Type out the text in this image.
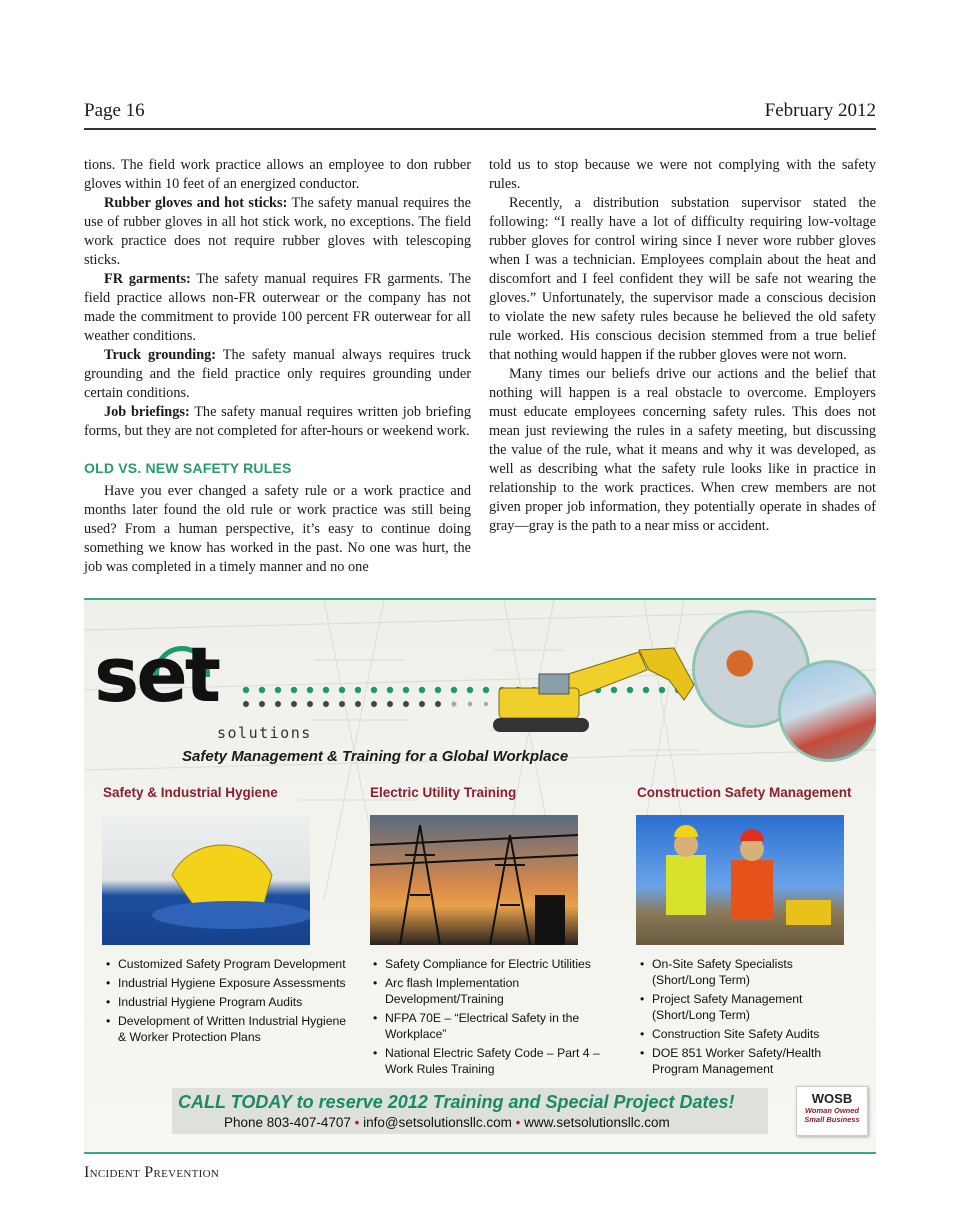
Page 16	February 2012

tions. The field work practice allows an employee to don rubber gloves within 10 feet of an energized conductor.

Rubber gloves and hot sticks: The safety manual requires the use of rubber gloves in all hot stick work, no exceptions. The field work practice does not require rubber gloves with telescoping sticks.

FR garments: The safety manual requires FR garments. The field practice allows non-FR outerwear or the company has not made the commitment to provide 100 percent FR outerwear for all weather conditions.

Truck grounding: The safety manual always requires truck grounding and the field practice only requires grounding under certain conditions.

Job briefings: The safety manual requires written job briefing forms, but they are not completed for after-hours or weekend work.

OLD VS. NEW SAFETY RULES

Have you ever changed a safety rule or a work practice and months later found the old rule or work practice was still being used? From a human perspective, it’s easy to continue doing something we know has worked in the past. No one was hurt, the job was completed in a timely manner and no one

told us to stop because we were not complying with the safety rules.

Recently, a distribution substation supervisor stated the following: “I really have a lot of difficulty requiring low-voltage rubber gloves for control wiring since I never wore rubber gloves when I was a technician. Employees complain about the heat and discomfort and I feel confident they will be safe not wearing the gloves.” Unfortunately, the supervisor made a conscious decision to violate the new safety rules because he believed the old safety rule worked. His conscious decision stemmed from a true belief that nothing would happen if the rubber gloves were not worn.

Many times our beliefs drive our actions and the belief that nothing will happen is a real obstacle to overcome. Employers must educate employees concerning safety rules. This does not mean just reviewing the rules in a safety meeting, but discussing the value of the rule, what it means and why it was developed, as well as describing what the safety rule looks like in practice in relationship to the work practices. When crew members are not given proper job information, they potentially operate in shades of gray—gray is the path to a near miss or accident.

set
solutions
Safety Management & Training for a Global Workplace
Safety & Industrial Hygiene	Electric Utility Training	Construction Safety Management
• Customized Safety Program Development
• Industrial Hygiene Exposure Assessments
• Industrial Hygiene Program Audits
• Development of Written Industrial Hygiene & Worker Protection Plans
• Safety Compliance for Electric Utilities
• Arc flash Implementation Development/Training
• NFPA 70E – “Electrical Safety in the Workplace”
• National Electric Safety Code – Part 4 – Work Rules Training
• On-Site Safety Specialists (Short/Long Term)
• Project Safety Management (Short/Long Term)
• Construction Site Safety Audits
• DOE 851 Worker Safety/Health Program Management
CALL TODAY to reserve 2012 Training and Special Project Dates!
Phone 803-407-4707 • info@setsolutionsllc.com • www.setsolutionsllc.com
WOSB
Woman Owned
Small Business
Incident Prevention
